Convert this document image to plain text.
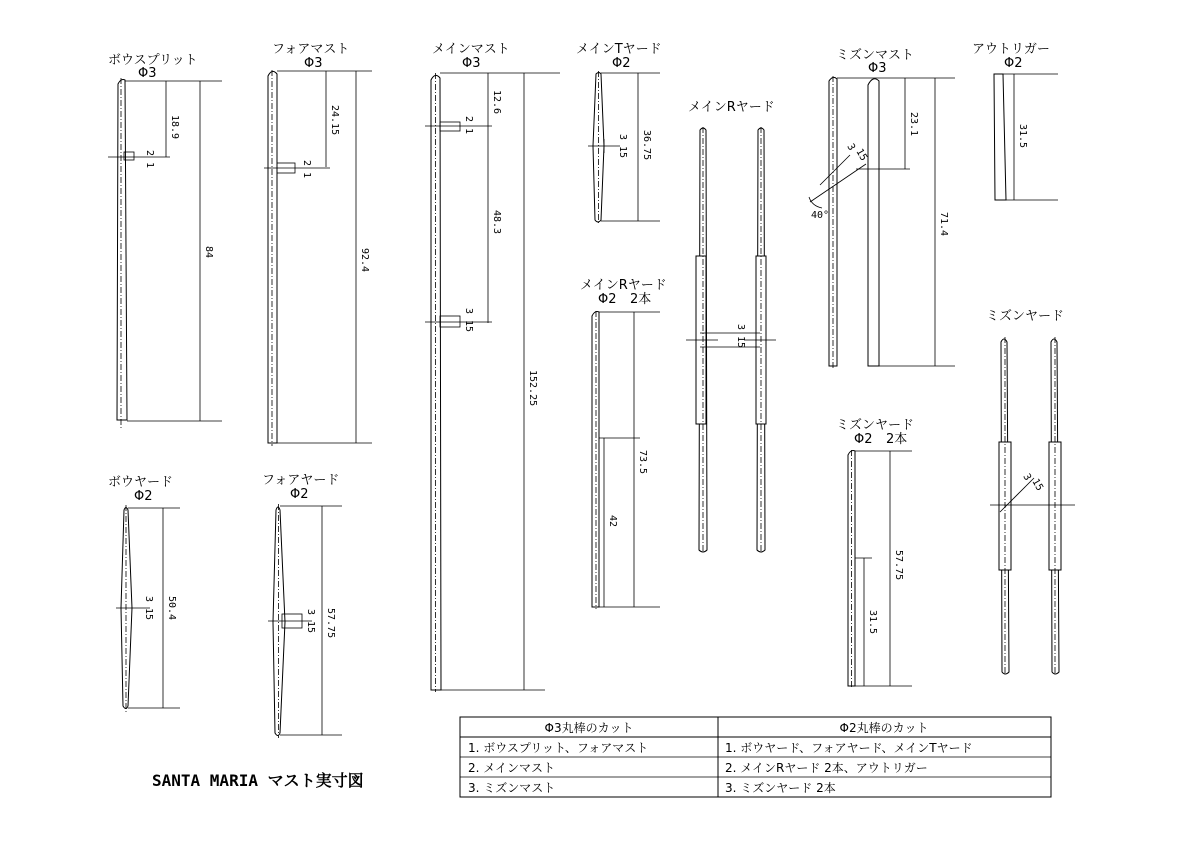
ボウスプリット
Φ3
18.9
84
2
1
フォアマスト
Φ3
24.15
92.4
2
1
メインマスト
Φ3
12.6
48.3
152.25
2
1
3
15
メインTヤード
Φ2
36.75
3
15
メインRヤード
3
15
メインRヤード
Φ2 2本
73.5
42
ミズンマスト
Φ3
40°
3
15
23.1
71.4
アウトリガー
Φ2
31.5
ミズンヤード
3
15
ミズンヤード
Φ2 2本
57.75
31.5
ボウヤード
Φ2
50.4
3
15
フォアヤード
Φ2
57.75
3
15
SANTA MARIA マスト実寸図
Φ3丸棒のカット	Φ2丸棒のカット
1. ボウスプリット、フォアマスト	1. ボウヤード、フォアヤード、メインTヤード
2. メインマスト	2. メインRヤード 2本、アウトリガー
3. ミズンマスト	3. ミズンヤード 2本
